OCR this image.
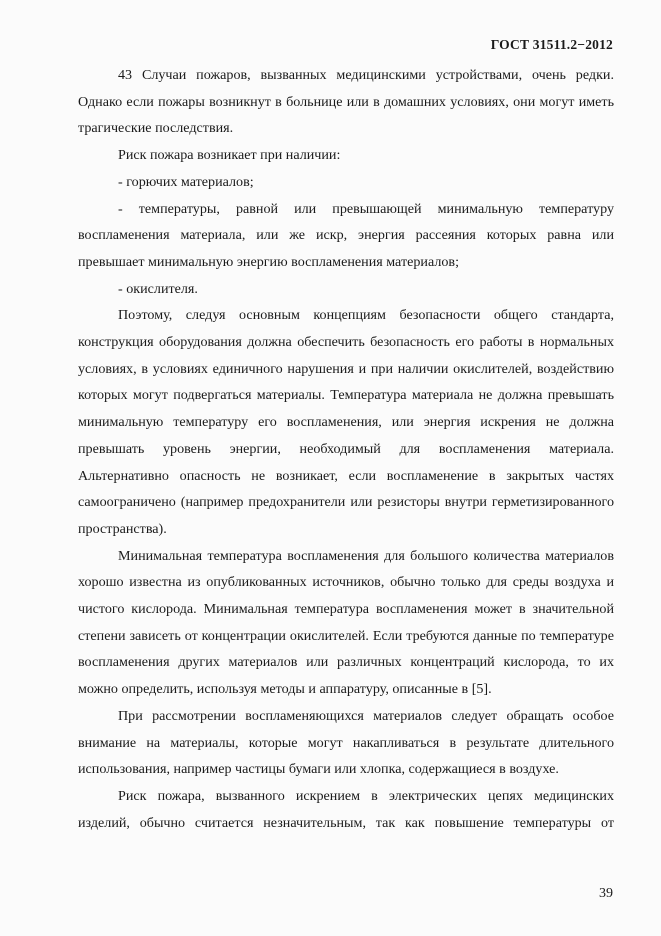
ГОСТ 31511.2−2012

43 Случаи пожаров, вызванных медицинскими устройствами, очень редки. Однако если пожары возникнут в больнице или в домашних условиях, они могут иметь трагические последствия.

Риск пожара возникает при наличии:

- горючих материалов;

- температуры, равной или превышающей минимальную температуру воспламенения материала, или же искр, энергия рассеяния которых равна или превышает минимальную энергию воспламенения материалов;

- окислителя.

Поэтому, следуя основным концепциям безопасности общего стандарта, конструкция оборудования должна обеспечить безопасность его работы в нормальных условиях, в условиях единичного нарушения и при наличии окислителей, воздействию которых могут подвергаться материалы. Температура материала не должна превышать минимальную температуру его воспламенения, или энергия искрения не должна превышать уровень энергии, необходимый для воспламенения материала. Альтернативно опасность не возникает, если воспламенение в закрытых частях самоограничено (например предохранители или резисторы внутри герметизированного пространства).

Минимальная температура воспламенения для большого количества материалов хорошо известна из опубликованных источников, обычно только для среды воздуха и чистого кислорода. Минимальная температура воспламенения может в значительной степени зависеть от концентрации окислителей. Если требуются данные по температуре воспламенения других материалов или различных концентраций кислорода, то их можно определить, используя методы и аппаратуру, описанные в [5].

При рассмотрении воспламеняющихся материалов следует обращать особое внимание на материалы, которые могут накапливаться в результате длительного использования, например частицы бумаги или хлопка, содержащиеся в воздухе.

Риск пожара, вызванного искрением в электрических цепях медицинских изделий, обычно считается незначительным, так как повышение температуры от

39
